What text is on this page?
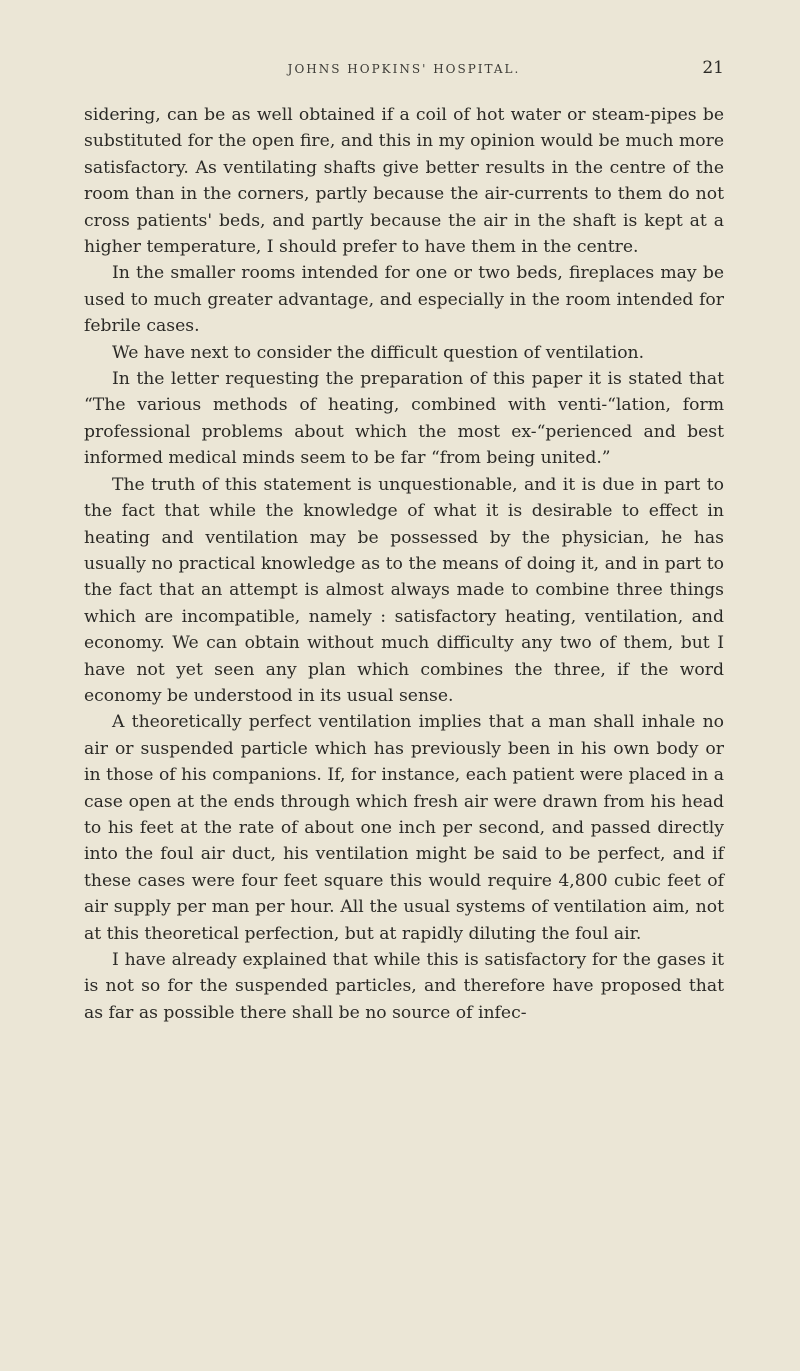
JOHNS HOPKINS' HOSPITAL.	21

sidering, can be as well obtained if a coil of hot water or steam-pipes be substituted for the open fire, and this in my opinion would be much more satisfactory. As ventilating shafts give better results in the centre of the room than in the corners, partly because the air-currents to them do not cross patients' beds, and partly because the air in the shaft is kept at a higher temperature, I should prefer to have them in the centre.

In the smaller rooms intended for one or two beds, fireplaces may be used to much greater advantage, and especially in the room intended for febrile cases.

We have next to consider the difficult question of ventilation.

In the letter requesting the preparation of this paper it is stated that “The various methods of heating, combined with venti-“lation, form professional problems about which the most ex-“perienced and best informed medical minds seem to be far “from being united.”

The truth of this statement is unquestionable, and it is due in part to the fact that while the knowledge of what it is desirable to effect in heating and ventilation may be possessed by the physician, he has usually no practical knowledge as to the means of doing it, and in part to the fact that an attempt is almost always made to combine three things which are incompatible, namely : satisfactory heating, ventilation, and economy. We can obtain without much difficulty any two of them, but I have not yet seen any plan which combines the three, if the word economy be understood in its usual sense.

A theoretically perfect ventilation implies that a man shall inhale no air or suspended particle which has previously been in his own body or in those of his companions. If, for instance, each patient were placed in a case open at the ends through which fresh air were drawn from his head to his feet at the rate of about one inch per second, and passed directly into the foul air duct, his ventilation might be said to be perfect, and if these cases were four feet square this would require 4,800 cubic feet of air supply per man per hour. All the usual systems of ventilation aim, not at this theoretical perfection, but at rapidly diluting the foul air.

I have already explained that while this is satisfactory for the gases it is not so for the suspended particles, and therefore have proposed that as far as possible there shall be no source of infec-
